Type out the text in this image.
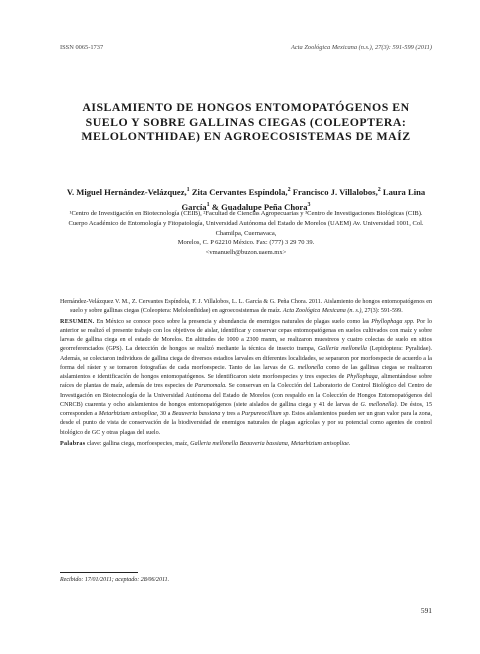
ISSN 0065-1737	Acta Zoológica Mexicana (n.s.), 27(3): 591-599 (2011)
AISLAMIENTO DE HONGOS ENTOMOPATÓGENOS EN SUELO Y SOBRE GALLINAS CIEGAS (COLEOPTERA: MELOLONTHIDAE) EN AGROECOSISTEMAS DE MAÍZ
V. Miguel Hernández-Velázquez,$^1$ Zita Cervantes Espíndola,$^2$ Francisco J. Villalobos,$^2$ Laura Lina García$^1$ & Guadalupe Peña Chora$^3$

¹Centro de Investigación en Biotecnología (CEIB), ²Facultad de Ciencias Agropecuarias y ³Centro de Investigaciones Biológicas (CIB). Cuerpo Académico de Entomología y Fitopatología, Universidad Autónoma del Estado de Morelos (UAEM) Av. Universidad 1001, Col. Chamilpa, Cuernavaca,

Morelos, C. P 62210 México. Fax: (777) 3 29 70 39.

<vmanuelh@buzon.uaem.mx>

Hernández-Velázquez V. M., Z. Cervantes Espíndola, F. J. Villalobos, L. L. García & G. Peña Chora. 2011. Aislamiento de hongos entomopatógenos en suelo y sobre gallinas ciegas (Coleoptera: Melolonthidae) en agroecosistemas de maíz. Acta Zoológica Mexicana (n. s.), 27(3): 591-599.

RESUMEN. En México se conoce poco sobre la presencia y abundancia de enemigos naturales de plagas suelo como las Phyllophaga spp. Por lo anterior se realizó el presente trabajo con los objetivos de aislar, identificar y conservar cepas entomopatógenas en suelos cultivados con maíz y sobre larvas de gallina ciega en el estado de Morelos. En altitudes de 1000 a 2300 msnm, se realizaron muestreos y cuatro colectas de suelo en sitios georreferenciados (GPS). La detección de hongos se realizó mediante la técnica de insecto trampa, Galleria mellonella (Lepidoptera: Pyralidae). Además, se colectaron individuos de gallina ciega de diversos estadios larvales en diferentes localidades, se separaron por morfoespecie de acuerdo a la forma del ráster y se tomaron fotografías de cada morfoespecie. Tanto de las larvas de G. mellonella como de las gallinas ciegas se realizaron aislamientos e identificación de hongos entomopatógenos. Se identificaron siete morfoespecies y tres especies de Phyllophaga, alimentándose sobre raíces de plantas de maíz, además de tres especies de Paranomala. Se conservan en la Colección del Laboratorio de Control Biológico del Centro de Investigación en Biotecnología de la Universidad Autónoma del Estado de Morelos (con respaldo en la Colección de Hongos Entomopatógenos del CNRCB) cuarenta y ocho aislamientos de hongos entomopatógenos (siete aislados de gallina ciega y 41 de larvas de G. mellonella). De éstos, 15 corresponden a Metarhizium anisopliae, 30 a Beauveria bassiana y tres a Purpureocillium sp. Estos aislamientos pueden ser un gran valor para la zona, desde el punto de vista de conservación de la biodiversidad de enemigos naturales de plagas agrícolas y por su potencial como agentes de control biológico de GC y otras plagas del suelo.

Palabras clave: gallina ciega, morfoespecies, maíz, Galleria mellonella Beauveria bassiana, Metarhizium anisopliae.

Recibido: 17/01/2011; aceptado: 28/06/2011.
591
